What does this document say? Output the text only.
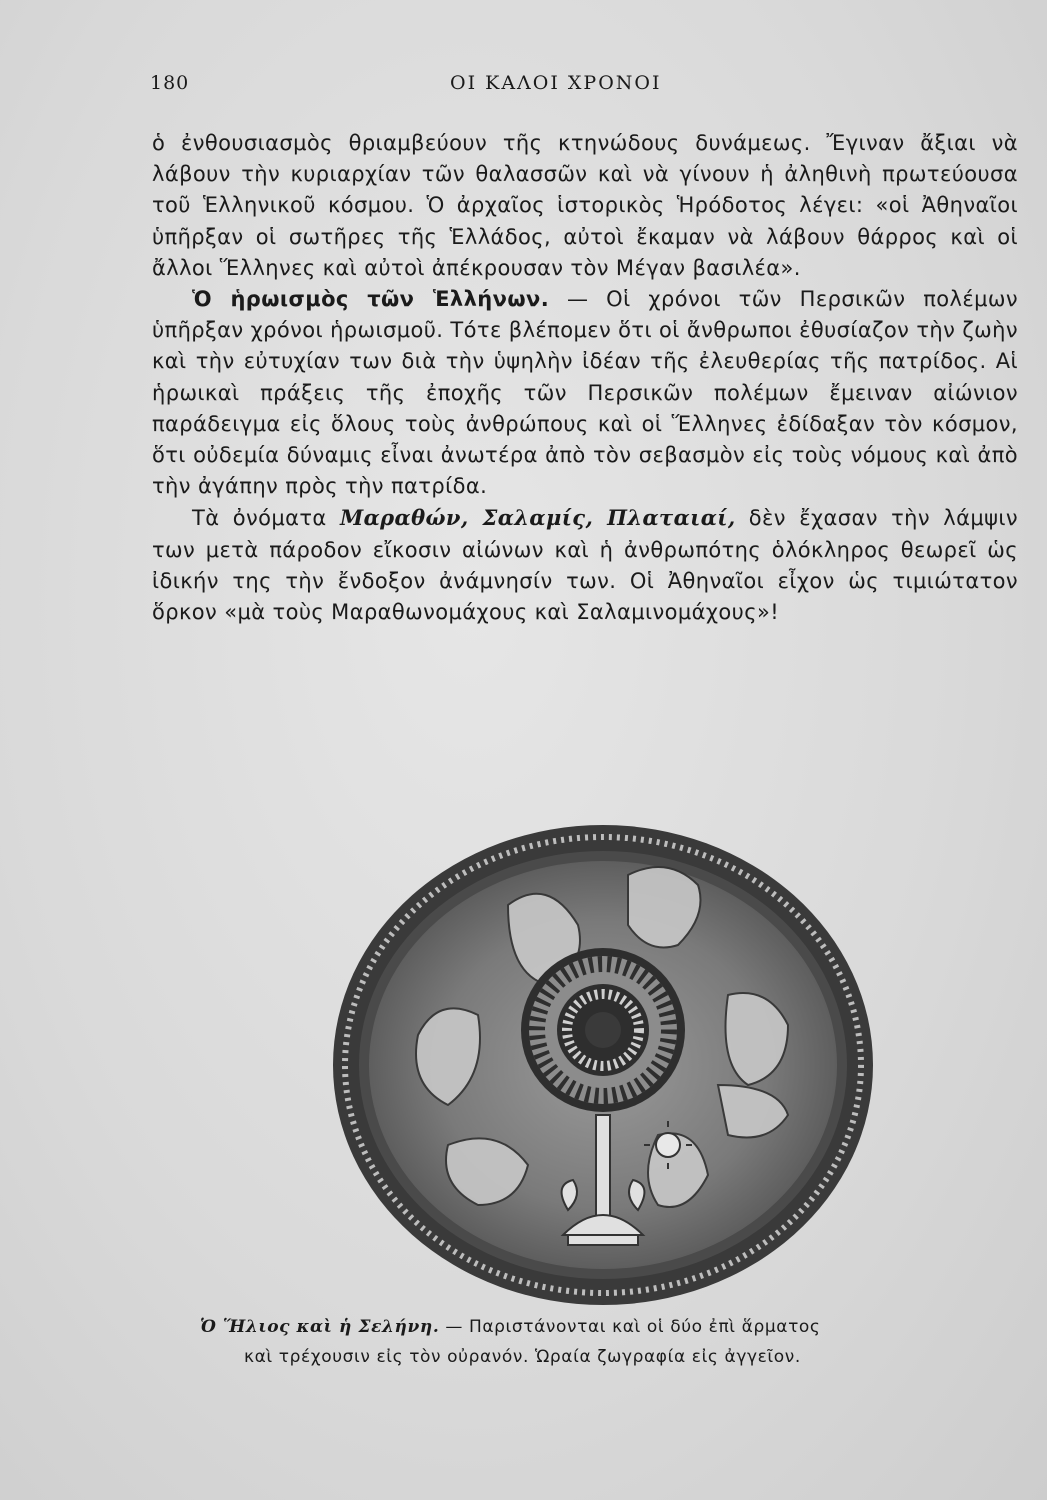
180	ΟΙ ΚΑΛΟΙ ΧΡΟΝΟΙ

ὁ ἐνθουσιασμὸς θριαμβεύουν τῆς κτηνώδους δυνάμεως. Ἔγιναν ἄξιαι νὰ λάβουν τὴν κυριαρχίαν τῶν θαλασσῶν καὶ νὰ γίνουν ἡ ἀληθινὴ πρωτεύουσα τοῦ Ἑλληνικοῦ κόσμου. Ὁ ἀρχαῖος ἱστορικὸς Ἡρόδοτος λέγει: «οἱ Ἀθηναῖοι ὑπῆρξαν οἱ σωτῆρες τῆς Ἑλλάδος, αὐτοὶ ἔκαμαν νὰ λάβουν θάρρος καὶ οἱ ἄλλοι Ἕλληνες καὶ αὐτοὶ ἀπέκρουσαν τὸν Μέγαν βασιλέα».

Ὁ ἡρωισμὸς τῶν Ἑλλήνων. — Οἱ χρόνοι τῶν Περσικῶν πολέμων ὑπῆρξαν χρόνοι ἡρωισμοῦ. Τότε βλέπομεν ὅτι οἱ ἄνθρωποι ἐθυσίαζον τὴν ζωὴν καὶ τὴν εὐτυχίαν των διὰ τὴν ὑψηλὴν ἰδέαν τῆς ἐλευθερίας τῆς πατρίδος. Αἱ ἡρωικαὶ πράξεις τῆς ἐποχῆς τῶν Περσικῶν πολέμων ἔμειναν αἰώνιον παράδειγμα εἰς ὅλους τοὺς ἀνθρώπους καὶ οἱ Ἕλληνες ἐδίδαξαν τὸν κόσμον, ὅτι οὐδεμία δύναμις εἶναι ἀνωτέρα ἀπὸ τὸν σεβασμὸν εἰς τοὺς νόμους καὶ ἀπὸ τὴν ἀγάπην πρὸς τὴν πατρίδα.

Τὰ ὀνόματα Μαραθών, Σαλαμίς, Πλαταιαί, δὲν ἔχασαν τὴν λάμψιν των μετὰ πάροδον εἴκοσιν αἰώνων καὶ ἡ ἀνθρωπότης ὁλόκληρος θεωρεῖ ὡς ἰδικήν της τὴν ἔνδοξον ἀνάμνησίν των. Οἱ Ἀθηναῖοι εἶχον ὡς τιμιώτατον ὅρκον «μὰ τοὺς Μαραθωνομάχους καὶ Σαλαμινομάχους»!

Ὁ Ἥλιος καὶ ἡ Σελήνη. — Παριστάνονται καὶ οἱ δύο ἐπὶ ἅρματος
καὶ τρέχουσιν εἰς τὸν οὐρανόν. Ὡραία ζωγραφία εἰς ἀγγεῖον.
